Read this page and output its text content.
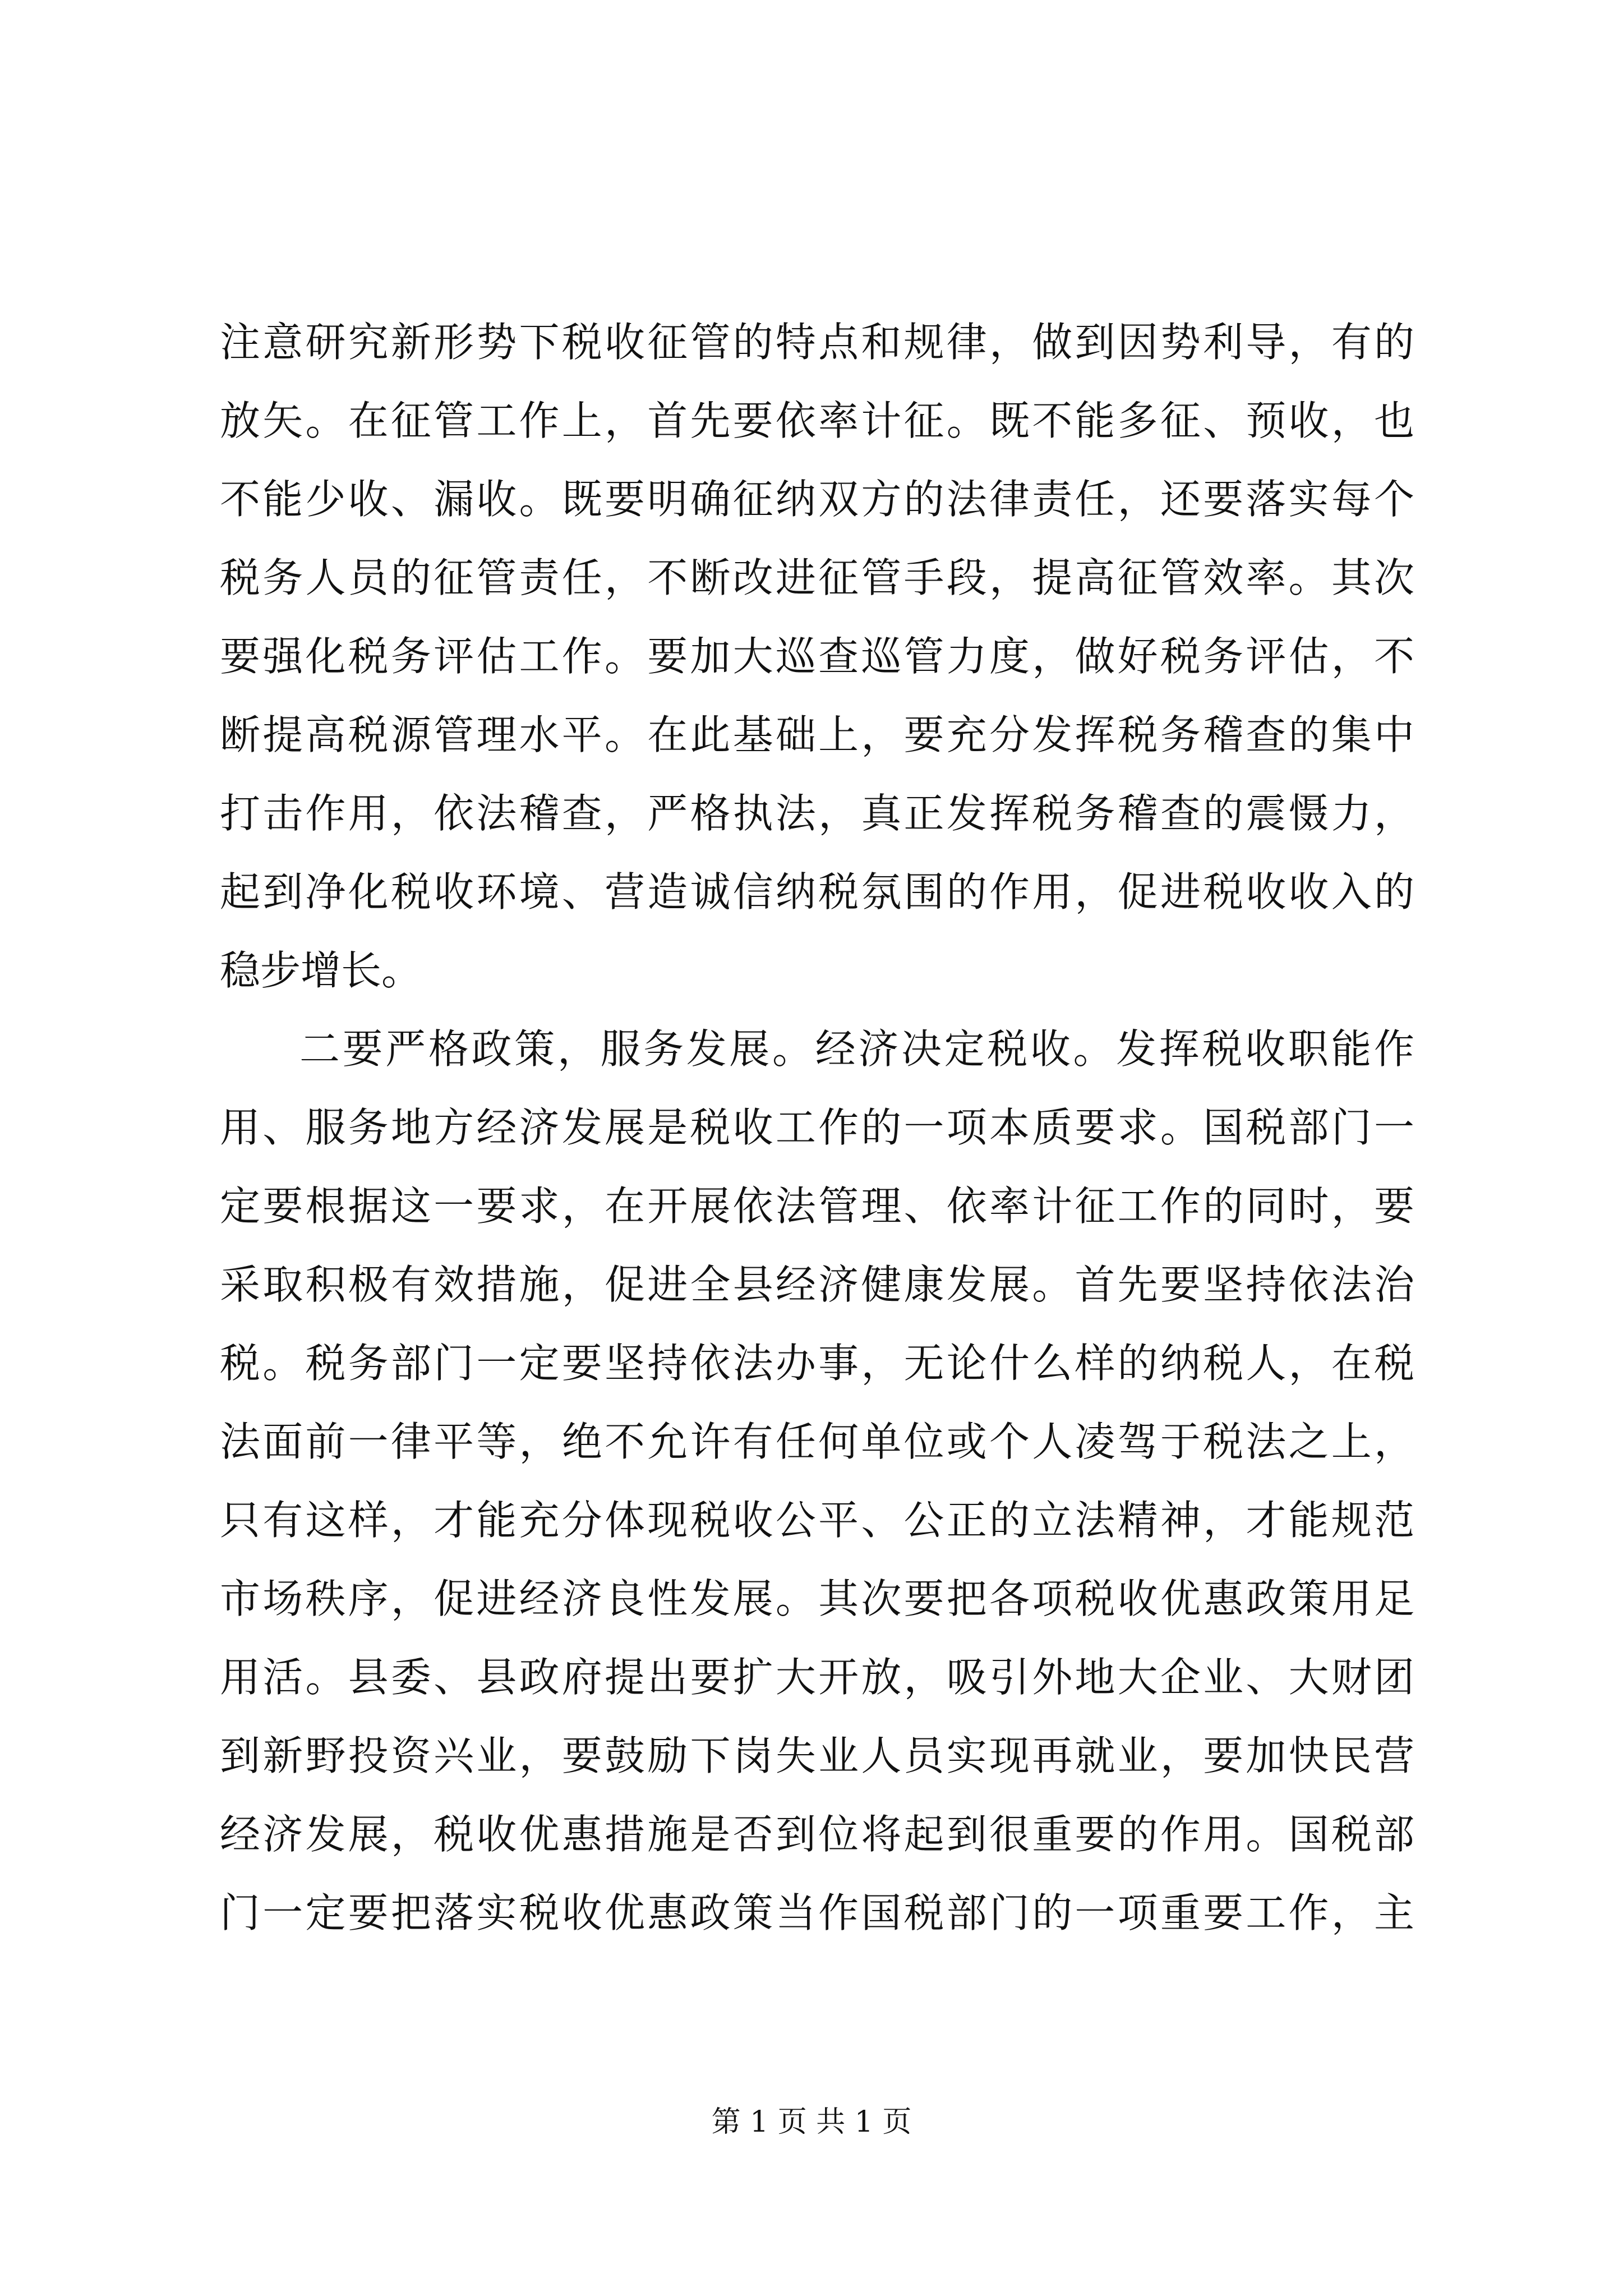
注意研究新形势下税收征管的特点和规律，做到因势利导，有的
放矢。在征管工作上，首先要依率计征。既不能多征、预收，也
不能少收、漏收。既要明确征纳双方的法律责任，还要落实每个
税务人员的征管责任，不断改进征管手段，提高征管效率。其次
要强化税务评估工作。要加大巡查巡管力度，做好税务评估，不
断提高税源管理水平。在此基础上，要充分发挥税务稽查的集中
打击作用，依法稽查，严格执法，真正发挥税务稽查的震慑力，
起到净化税收环境、营造诚信纳税氛围的作用，促进税收收入的
稳步增长。
二要严格政策，服务发展。经济决定税收。发挥税收职能作
用、服务地方经济发展是税收工作的一项本质要求。国税部门一
定要根据这一要求，在开展依法管理、依率计征工作的同时，要
采取积极有效措施，促进全县经济健康发展。首先要坚持依法治
税。税务部门一定要坚持依法办事，无论什么样的纳税人，在税
法面前一律平等，绝不允许有任何单位或个人凌驾于税法之上，
只有这样，才能充分体现税收公平、公正的立法精神，才能规范
市场秩序，促进经济良性发展。其次要把各项税收优惠政策用足
用活。县委、县政府提出要扩大开放，吸引外地大企业、大财团
到新野投资兴业，要鼓励下岗失业人员实现再就业，要加快民营
经济发展，税收优惠措施是否到位将起到很重要的作用。国税部
门一定要把落实税收优惠政策当作国税部门的一项重要工作，主
第 1 页 共 1 页
